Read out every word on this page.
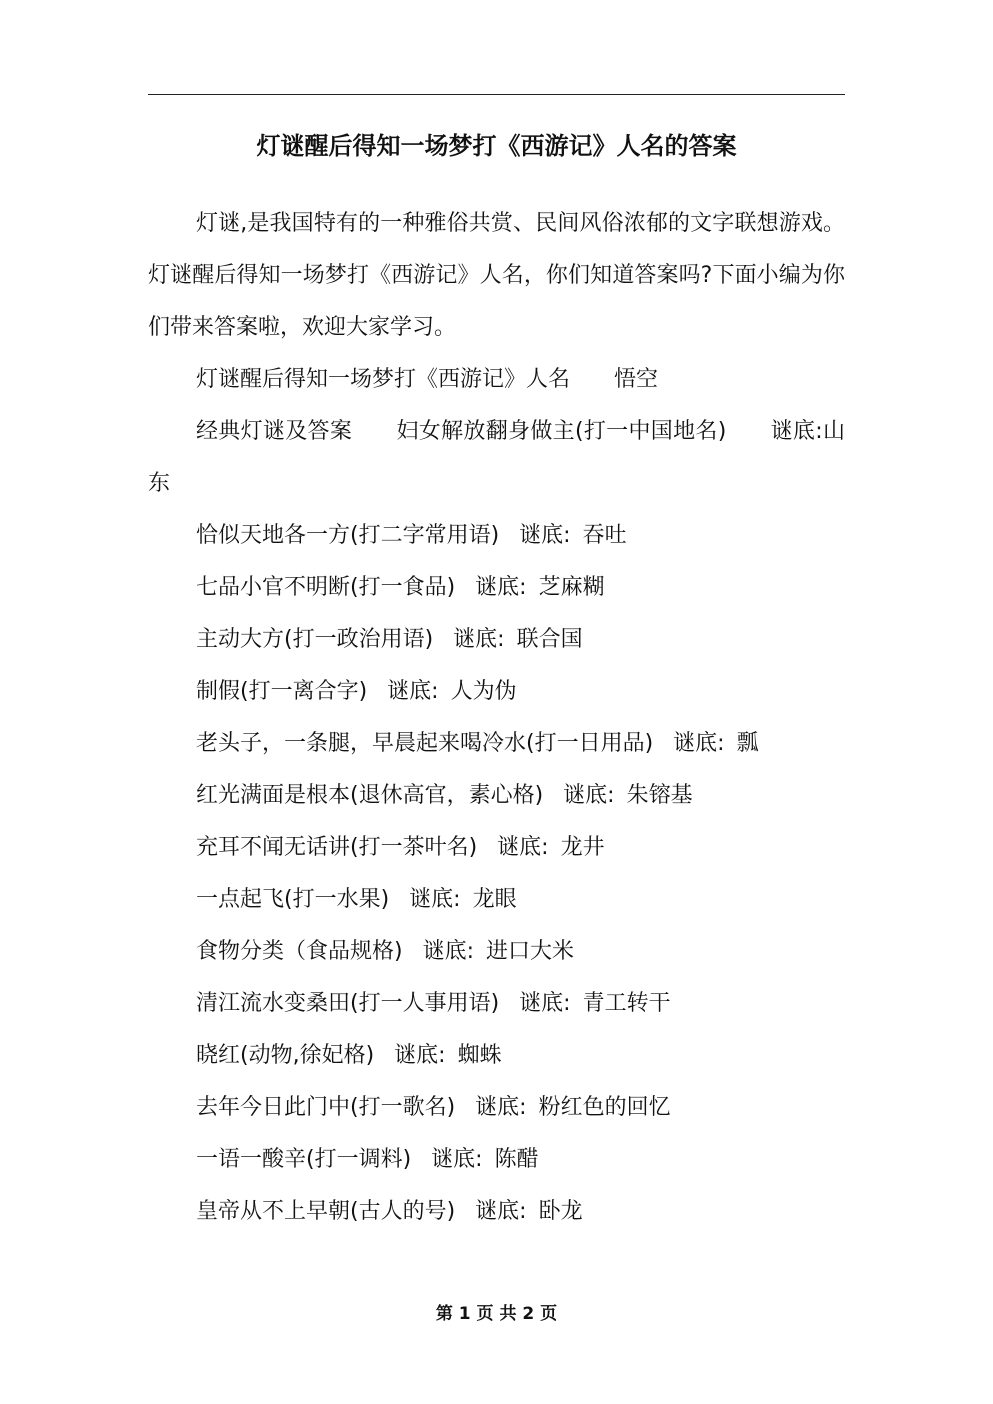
灯谜醒后得知一场梦打《西游记》人名的答案

灯谜,是我国特有的一种雅俗共赏、民间风俗浓郁的文字联想游戏。灯谜醒后得知一场梦打《西游记》人名，你们知道答案吗?下面小编为你们带来答案啦，欢迎大家学习。

灯谜醒后得知一场梦打《西游记》人名 悟空

经典灯谜及答案 妇女解放翻身做主(打一中国地名) 谜底:山东

恰似天地各一方(打二字常用语) 谜底: 吞吐

七品小官不明断(打一食品) 谜底: 芝麻糊

主动大方(打一政治用语) 谜底: 联合国

制假(打一离合字) 谜底: 人为伪

老头子，一条腿，早晨起来喝冷水(打一日用品) 谜底: 瓢

红光满面是根本(退休高官，素心格) 谜底: 朱镕基

充耳不闻无话讲(打一茶叶名) 谜底: 龙井

一点起飞(打一水果) 谜底: 龙眼

食物分类（食品规格) 谜底: 进口大米

清江流水变桑田(打一人事用语) 谜底: 青工转干

晓红(动物,徐妃格) 谜底: 蜘蛛

去年今日此门中(打一歌名) 谜底: 粉红色的回忆

一语一酸辛(打一调料) 谜底: 陈醋

皇帝从不上早朝(古人的号) 谜底: 卧龙

第 1 页 共 2 页
